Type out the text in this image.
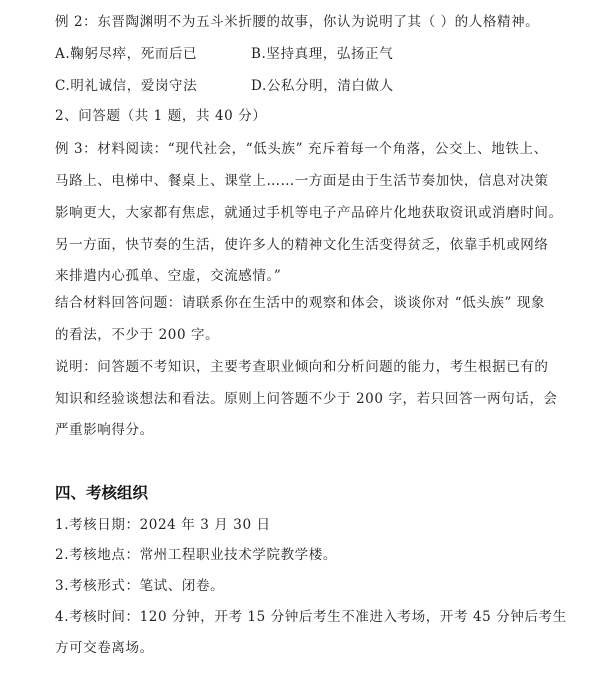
例 2：东晋陶渊明不为五斗米折腰的故事，你认为说明了其（ ）的人格精神。
A.鞠躬尽瘁，死而后已	B.坚持真理，弘扬正气
C.明礼诚信，爱岗守法	D.公私分明，清白做人
2、问答题（共 1 题，共 40 分）
例 3：材料阅读：“现代社会，“低头族” 充斥着每一个角落，公交上、地铁上、
马路上、电梯中、餐桌上、课堂上……一方面是由于生活节奏加快，信息对决策
影响更大，大家都有焦虑，就通过手机等电子产品碎片化地获取资讯或消磨时间。
另一方面，快节奏的生活，使许多人的精神文化生活变得贫乏，依靠手机或网络
来排遣内心孤单、空虚，交流感情。”
结合材料回答问题：请联系你在生活中的观察和体会，谈谈你对 “低头族” 现象
的看法，不少于 200 字。
说明：问答题不考知识，主要考查职业倾向和分析问题的能力，考生根据已有的
知识和经验谈想法和看法。原则上问答题不少于 200 字，若只回答一两句话，会
严重影响得分。
四、考核组织
1.考核日期：2024 年 3 月 30 日
2.考核地点：常州工程职业技术学院教学楼。
3.考核形式：笔试、闭卷。
4.考核时间：120 分钟，开考 15 分钟后考生不准进入考场，开考 45 分钟后考生
方可交卷离场。
